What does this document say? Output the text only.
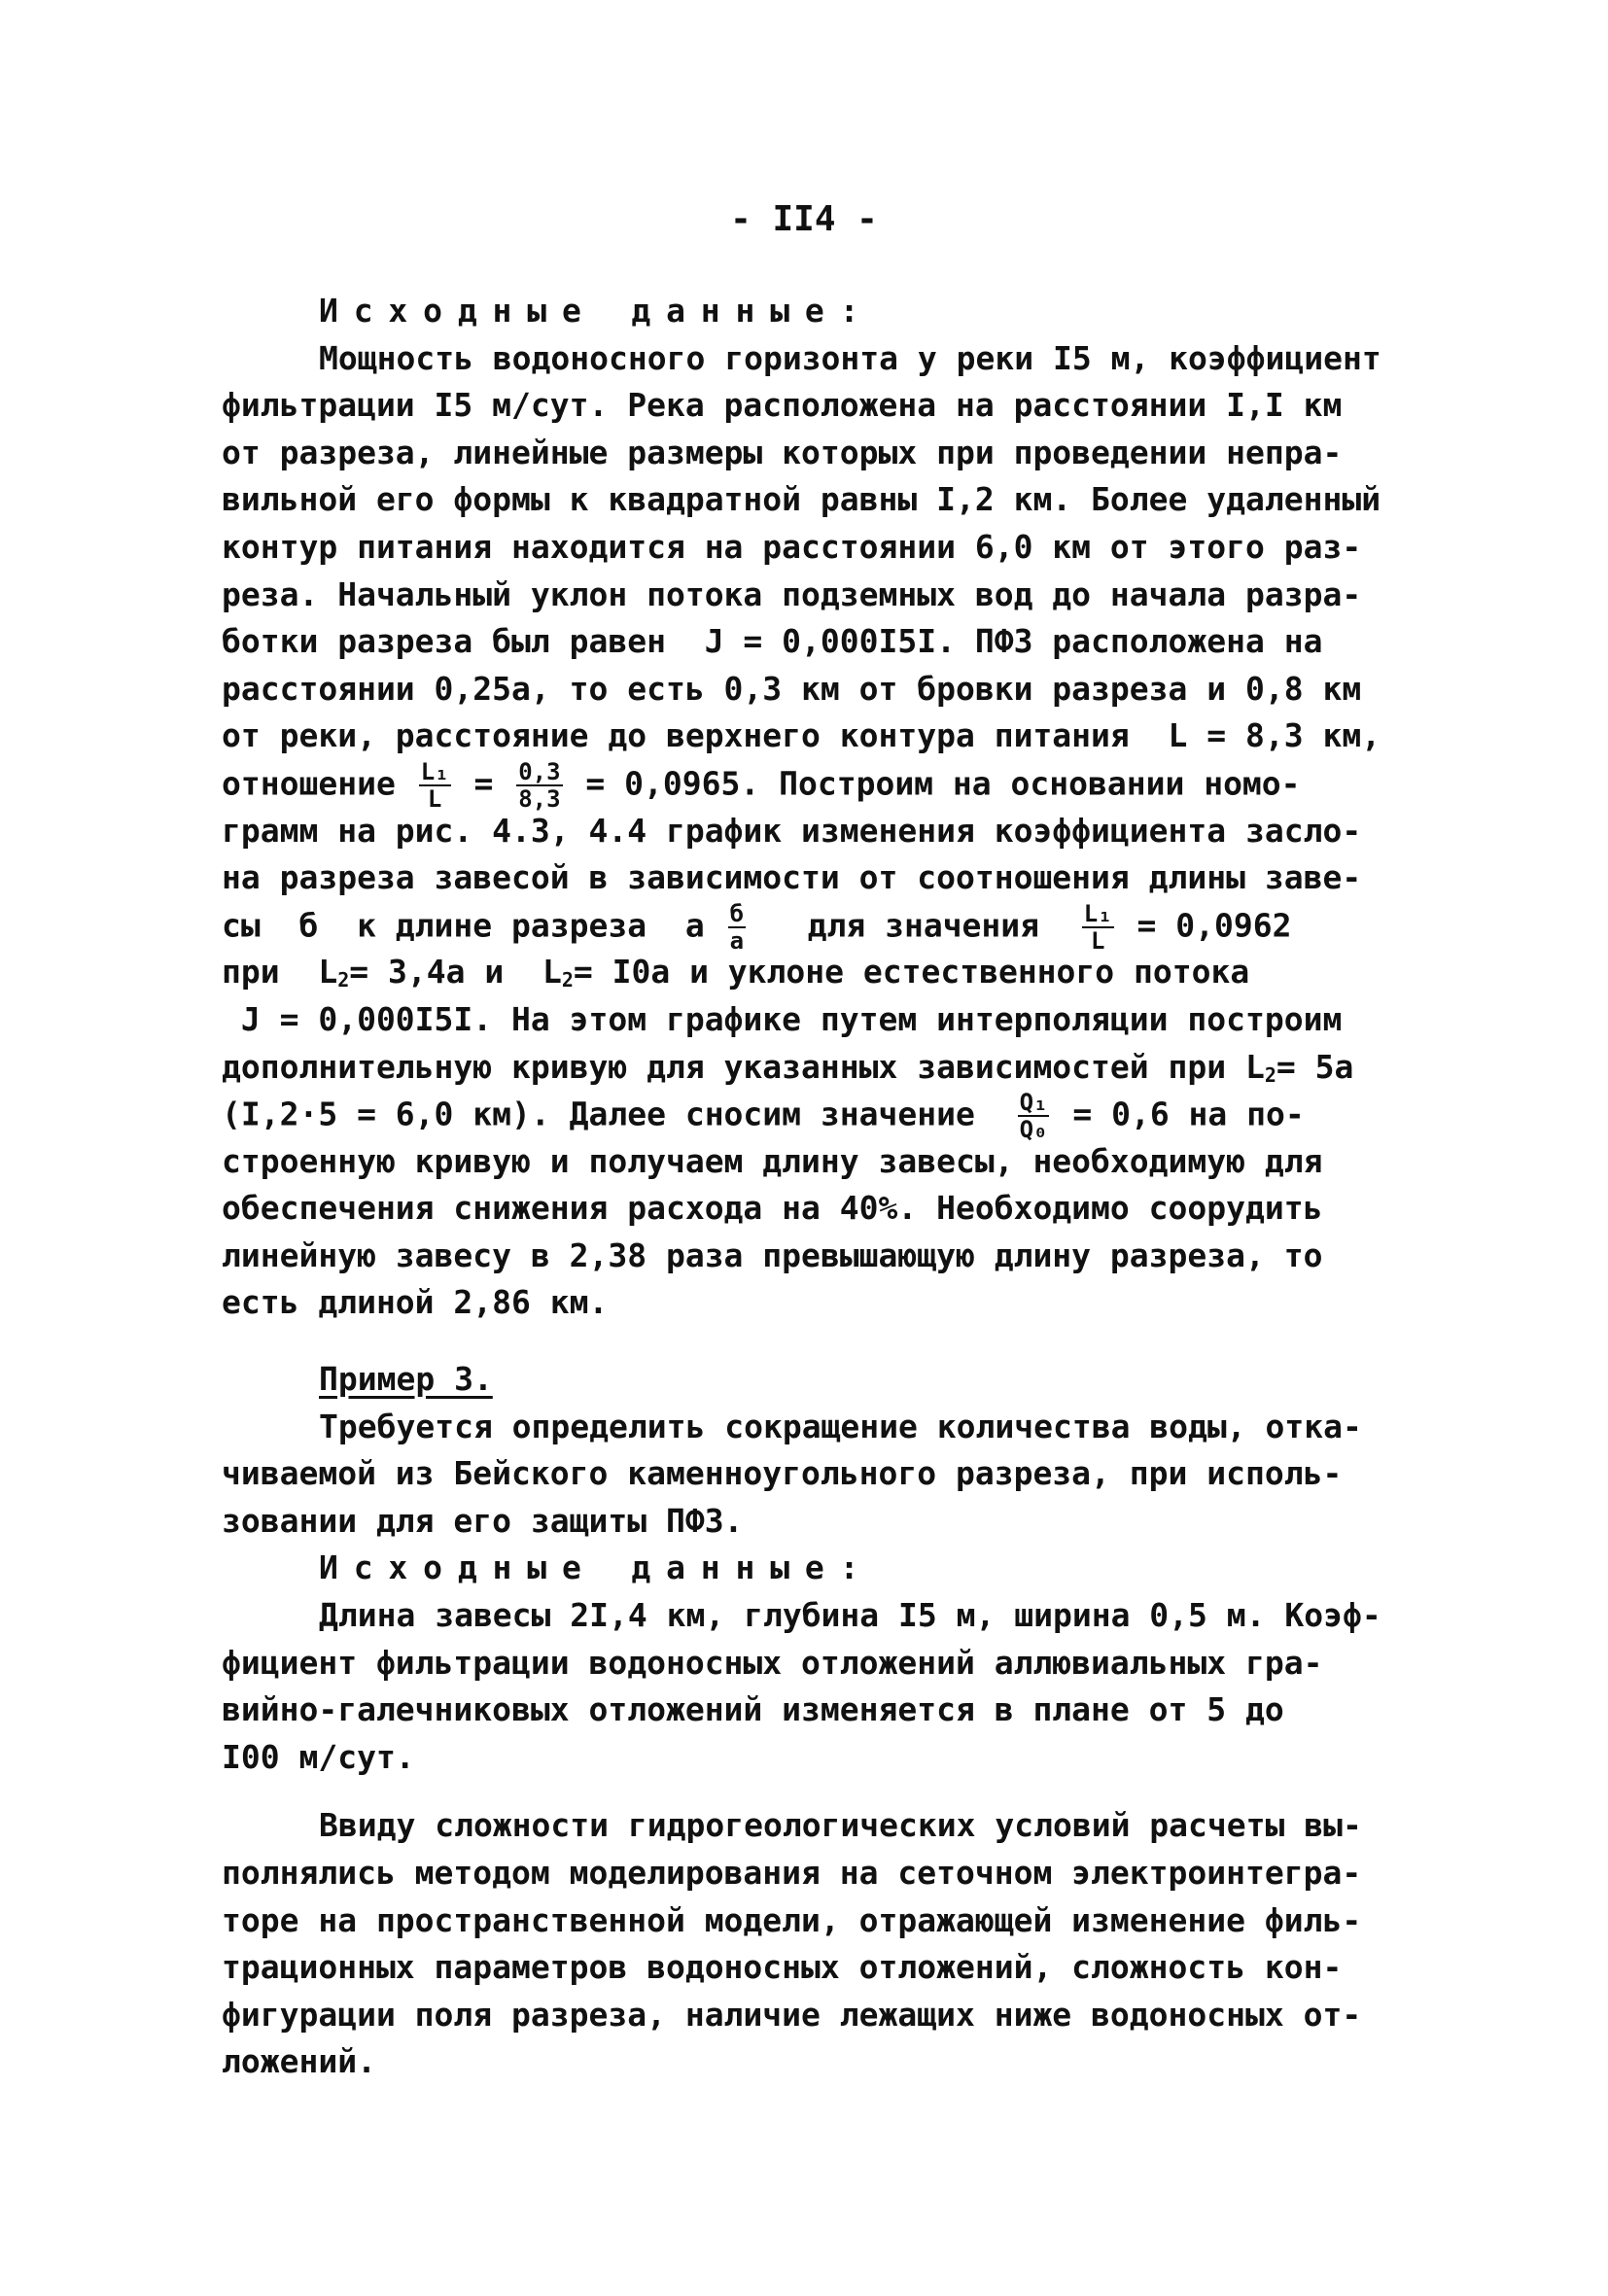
- II4 -
Исходные данные:
Мощность водоносного горизонта у реки I5 м, коэффициент
фильтрации I5 м/сут. Река расположена на расстоянии I,I км
от разреза, линейные размеры которых при проведении непра-
вильной его формы к квадратной равны I,2 км. Более удаленный
контур питания находится на расстоянии 6,0 км от этого раз-
реза. Начальный уклон потока подземных вод до начала разра-
ботки разреза был равен  J = 0,000I5I. ПФЗ расположена на
расстоянии 0,25а, то есть 0,3 км от бровки разреза и 0,8 км
от реки, расстояние до верхнего контура питания  L = 8,3 км,
отношение $\frac{\text{L₁}}{L} = \frac{0,3}{8,3} = 0,0965$. Построим на основании номо-
грамм на рис. 4.3, 4.4 график изменения коэффициента засло-
на разреза завесой в зависимости от соотношения длины заве-
сы  б  к длине разреза  а $\frac{б}{а}$ для значения $\frac{\text{L₁}}{L} = 0,0962$
при  $L_2= 3,4а$ и  $L_2= I0а$ и уклоне естественного потока
J = 0,000I5I. На этом графике путем интерполяции построим
дополнительную кривую для указанных зависимостей при $L_2= 5а$
(I,2·5 = 6,0 км). Далее сносим значение $\frac{\text{Q₁}}{\text{Q₀}} = 0,6$ на по-
строенную кривую и получаем длину завесы, необходимую для
обеспечения снижения расхода на 40%. Необходимо соорудить
линейную завесу в 2,38 раза превышающую длину разреза, то
есть длиной 2,86 км.
Пример 3.
Требуется определить сокращение количества воды, отка-
чиваемой из Бейского каменноугольного разреза, при исполь-
зовании для его защиты ПФЗ.
Исходные данные:
Длина завесы 2I,4 км, глубина I5 м, ширина 0,5 м. Коэф-
фициент фильтрации водоносных отложений аллювиальных гра-
вийно-галечниковых отложений изменяется в плане от 5 до
I00 м/сут.
Ввиду сложности гидрогеологических условий расчеты вы-
полнялись методом моделирования на сеточном электроинтегра-
торе на пространственной модели, отражающей изменение филь-
трационных параметров водоносных отложений, сложность кон-
фигурации поля разреза, наличие лежащих ниже водоносных от-
ложений.
